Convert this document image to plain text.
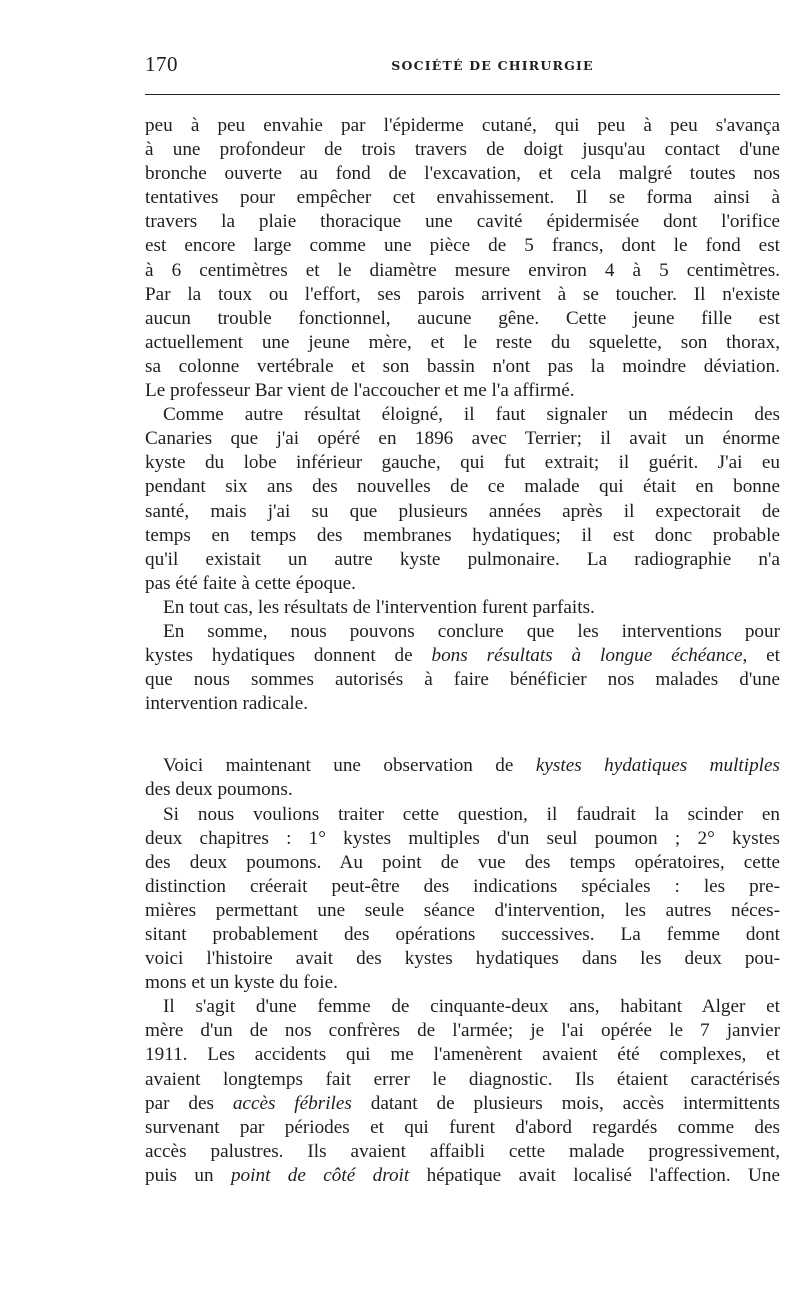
170	SOCIÉTÉ DE CHIRURGIE

peu à peu envahie par l'épiderme cutané, qui peu à peu s'avança
à une profondeur de trois travers de doigt jusqu'au contact d'une
bronche ouverte au fond de l'excavation, et cela malgré toutes nos
tentatives pour empêcher cet envahissement. Il se forma ainsi à
travers la plaie thoracique une cavité épidermisée dont l'orifice
est encore large comme une pièce de 5 francs, dont le fond est
à 6 centimètres et le diamètre mesure environ 4 à 5 centimètres.
Par la toux ou l'effort, ses parois arrivent à se toucher. Il n'existe
aucun trouble fonctionnel, aucune gêne. Cette jeune fille est
actuellement une jeune mère, et le reste du squelette, son thorax,
sa colonne vertébrale et son bassin n'ont pas la moindre déviation.
Le professeur Bar vient de l'accoucher et me l'a affirmé.

Comme autre résultat éloigné, il faut signaler un médecin des
Canaries que j'ai opéré en 1896 avec Terrier; il avait un énorme
kyste du lobe inférieur gauche, qui fut extrait; il guérit. J'ai eu
pendant six ans des nouvelles de ce malade qui était en bonne
santé, mais j'ai su que plusieurs années après il expectorait de
temps en temps des membranes hydatiques; il est donc probable
qu'il existait un autre kyste pulmonaire. La radiographie n'a
pas été faite à cette époque.

En tout cas, les résultats de l'intervention furent parfaits.

En somme, nous pouvons conclure que les interventions pour
kystes hydatiques donnent de bons résultats à longue échéance, et
que nous sommes autorisés à faire bénéficier nos malades d'une
intervention radicale.

Voici maintenant une observation de kystes hydatiques multiples
des deux poumons.

Si nous voulions traiter cette question, il faudrait la scinder en
deux chapitres : 1° kystes multiples d'un seul poumon ; 2° kystes
des deux poumons. Au point de vue des temps opératoires, cette
distinction créerait peut-être des indications spéciales : les pre-
mières permettant une seule séance d'intervention, les autres néces-
sitant probablement des opérations successives. La femme dont
voici l'histoire avait des kystes hydatiques dans les deux pou-
mons et un kyste du foie.

Il s'agit d'une femme de cinquante-deux ans, habitant Alger et
mère d'un de nos confrères de l'armée; je l'ai opérée le 7 janvier
1911. Les accidents qui me l'amenèrent avaient été complexes, et
avaient longtemps fait errer le diagnostic. Ils étaient caractérisés
par des accès fébriles datant de plusieurs mois, accès intermittents
survenant par périodes et qui furent d'abord regardés comme des
accès palustres. Ils avaient affaibli cette malade progressivement,
puis un point de côté droit hépatique avait localisé l'affection. Une
